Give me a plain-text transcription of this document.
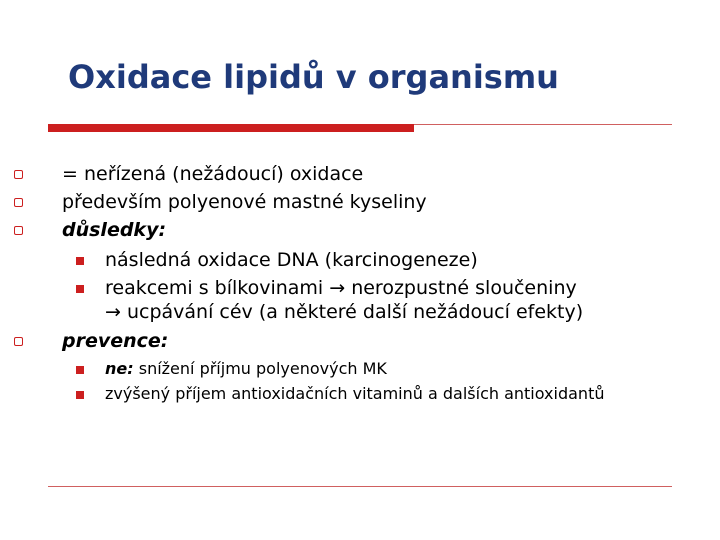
Oxidace lipidů v organismu
= neřízená (nežádoucí) oxidace
především polyenové mastné kyseliny
důsledky:
následná oxidace DNA (karcinogeneze)
reakcemi s bílkovinami → nerozpustné sloučeniny
→ ucpávání cév (a některé další nežádoucí efekty)
prevence:
ne: snížení příjmu polyenových MK
zvýšený příjem antioxidačních vitaminů a dalších antioxidantů
